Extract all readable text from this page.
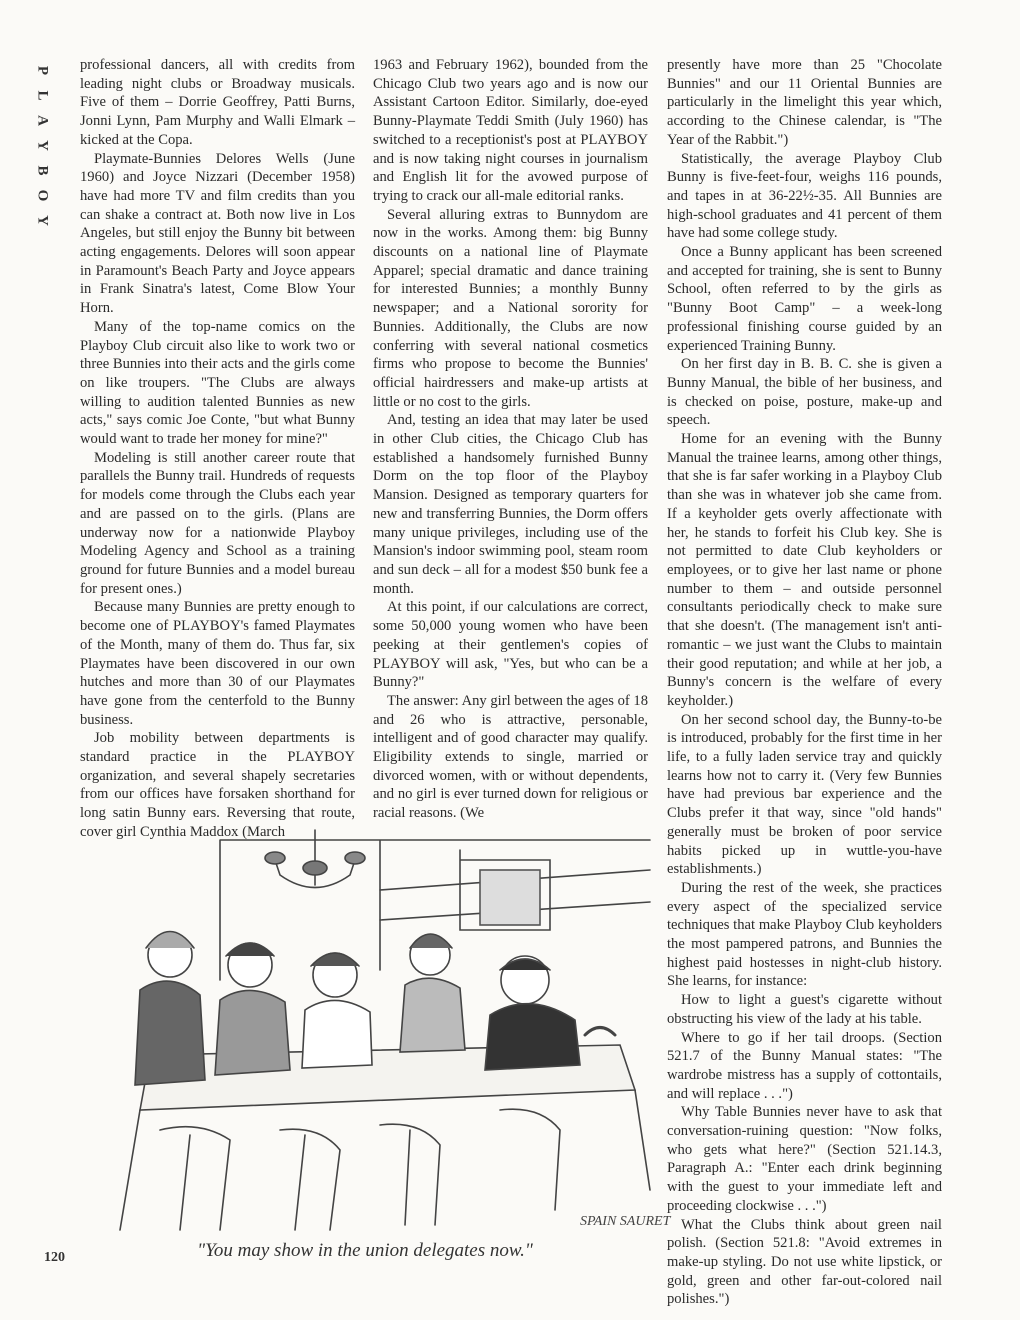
P
L
A
Y
B
O
Y

professional dancers, all with credits from leading night clubs or Broadway musicals. Five of them – Dorrie Geoffrey, Patti Burns, Jonni Lynn, Pam Murphy and Walli Elmark – kicked at the Copa.

Playmate-Bunnies Delores Wells (June 1960) and Joyce Nizzari (December 1958) have had more TV and film credits than you can shake a contract at. Both now live in Los Angeles, but still enjoy the Bunny bit between acting engagements. Delores will soon appear in Paramount's Beach Party and Joyce appears in Frank Sinatra's latest, Come Blow Your Horn.

Many of the top-name comics on the Playboy Club circuit also like to work two or three Bunnies into their acts and the girls come on like troupers. "The Clubs are always willing to audition talented Bunnies as new acts," says comic Joe Conte, "but what Bunny would want to trade her money for mine?"

Modeling is still another career route that parallels the Bunny trail. Hundreds of requests for models come through the Clubs each year and are passed on to the girls. (Plans are underway now for a nationwide Playboy Modeling Agency and School as a training ground for future Bunnies and a model bureau for present ones.)

Because many Bunnies are pretty enough to become one of PLAYBOY's famed Playmates of the Month, many of them do. Thus far, six Playmates have been discovered in our own hutches and more than 30 of our Playmates have gone from the centerfold to the Bunny business.

Job mobility between departments is standard practice in the PLAYBOY organization, and several shapely secretaries from our offices have forsaken shorthand for long satin Bunny ears. Reversing that route, cover girl Cynthia Maddox (March

1963 and February 1962), bounded from the Chicago Club two years ago and is now our Assistant Cartoon Editor. Similarly, doe-eyed Bunny-Playmate Teddi Smith (July 1960) has switched to a receptionist's post at PLAYBOY and is now taking night courses in journalism and English lit for the avowed purpose of trying to crack our all-male editorial ranks.

Several alluring extras to Bunnydom are now in the works. Among them: big Bunny discounts on a national line of Playmate Apparel; special dramatic and dance training for interested Bunnies; a monthly Bunny newspaper; and a National sorority for Bunnies. Additionally, the Clubs are now conferring with several national cosmetics firms who propose to become the Bunnies' official hairdressers and make-up artists at little or no cost to the girls.

And, testing an idea that may later be used in other Club cities, the Chicago Club has established a handsomely furnished Bunny Dorm on the top floor of the Playboy Mansion. Designed as temporary quarters for new and transferring Bunnies, the Dorm offers many unique privileges, including use of the Mansion's indoor swimming pool, steam room and sun deck – all for a modest $50 bunk fee a month.

At this point, if our calculations are correct, some 50,000 young women who have been peeking at their gentlemen's copies of PLAYBOY will ask, "Yes, but who can be a Bunny?"

The answer: Any girl between the ages of 18 and 26 who is attractive, personable, intelligent and of good character may qualify. Eligibility extends to single, married or divorced women, with or without dependents, and no girl is ever turned down for religious or racial reasons. (We

presently have more than 25 "Chocolate Bunnies" and our 11 Oriental Bunnies are particularly in the limelight this year which, according to the Chinese calendar, is "The Year of the Rabbit.")

Statistically, the average Playboy Club Bunny is five-feet-four, weighs 116 pounds, and tapes in at 36-22½-35. All Bunnies are high-school graduates and 41 percent of them have had some college study.

Once a Bunny applicant has been screened and accepted for training, she is sent to Bunny School, often referred to by the girls as "Bunny Boot Camp" – a week-long professional finishing course guided by an experienced Training Bunny.

On her first day in B. B. C. she is given a Bunny Manual, the bible of her business, and is checked on poise, posture, make-up and speech.

Home for an evening with the Bunny Manual the trainee learns, among other things, that she is far safer working in a Playboy Club than she was in whatever job she came from. If a keyholder gets overly affectionate with her, he stands to forfeit his Club key. She is not permitted to date Club keyholders or employees, or to give her last name or phone number to them – and outside personnel consultants periodically check to make sure that she doesn't. (The management isn't anti-romantic – we just want the Clubs to maintain their good reputation; and while at her job, a Bunny's concern is the welfare of every keyholder.)

On her second school day, the Bunny-to-be is introduced, probably for the first time in her life, to a fully laden service tray and quickly learns how not to carry it. (Very few Bunnies have had previous bar experience and the Clubs prefer it that way, since "old hands" generally must be broken of poor service habits picked up in wuttle-you-have establishments.)

During the rest of the week, she practices every aspect of the specialized service techniques that make Playboy Club keyholders the most pampered patrons, and Bunnies the highest paid hostesses in night-club history. She learns, for instance:

How to light a guest's cigarette without obstructing his view of the lady at his table.

Where to go if her tail droops. (Section 521.7 of the Bunny Manual states: "The wardrobe mistress has a supply of cottontails, and will replace . . .")

Why Table Bunnies never have to ask that conversation-ruining question: "Now folks, who gets what here?" (Section 521.14.3, Paragraph A.: "Enter each drink beginning with the guest to your immediate left and proceeding clockwise . . .")

What the Clubs think about green nail polish. (Section 521.8: "Avoid extremes in make-up styling. Do not use white lipstick, or gold, green and other far-out-colored nail polishes.")

SPAIN SAURET
"You may show in the union delegates now."
120
